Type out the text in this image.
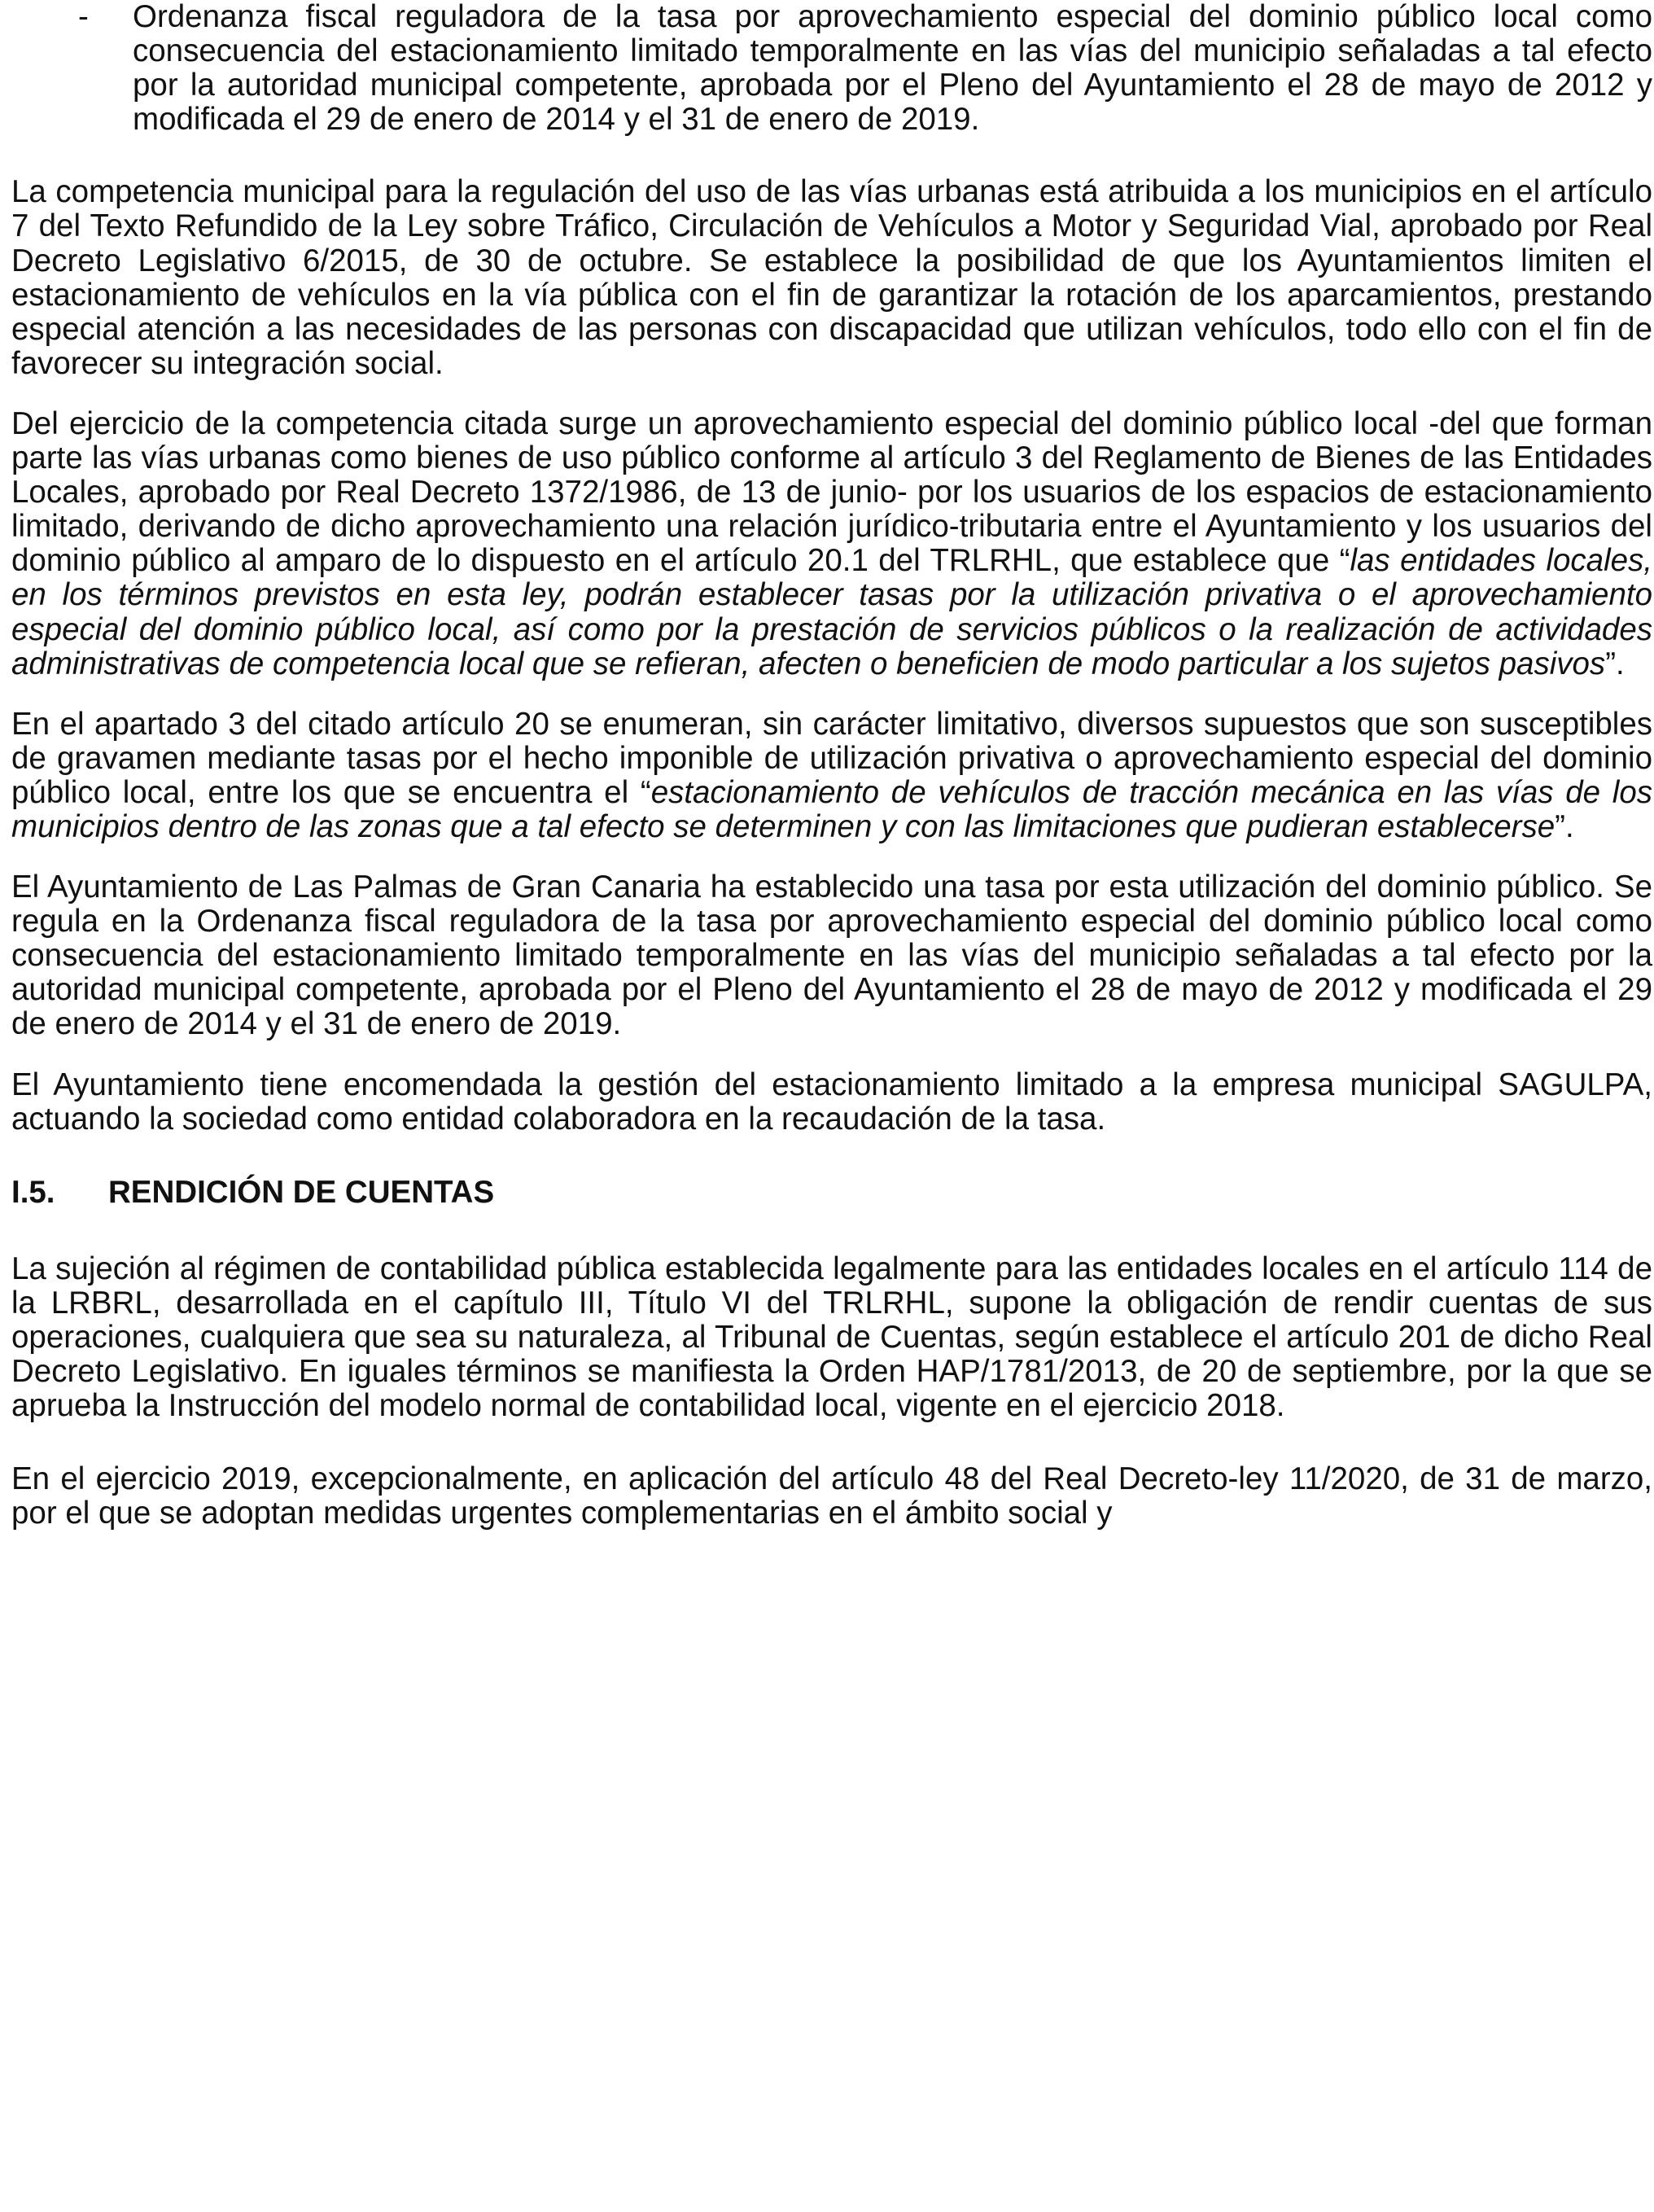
- Ordenanza fiscal reguladora de la tasa por aprovechamiento especial del dominio público local como consecuencia del estacionamiento limitado temporalmente en las vías del municipio señaladas a tal efecto por la autoridad municipal competente, aprobada por el Pleno del Ayuntamiento el 28 de mayo de 2012 y modificada el 29 de enero de 2014 y el 31 de enero de 2019.

La competencia municipal para la regulación del uso de las vías urbanas está atribuida a los municipios en el artículo 7 del Texto Refundido de la Ley sobre Tráfico, Circulación de Vehículos a Motor y Seguridad Vial, aprobado por Real Decreto Legislativo 6/2015, de 30 de octubre. Se establece la posibilidad de que los Ayuntamientos limiten el estacionamiento de vehículos en la vía pública con el fin de garantizar la rotación de los aparcamientos, prestando especial atención a las necesidades de las personas con discapacidad que utilizan vehículos, todo ello con el fin de favorecer su integración social.

Del ejercicio de la competencia citada surge un aprovechamiento especial del dominio público local -del que forman parte las vías urbanas como bienes de uso público conforme al artículo 3 del Reglamento de Bienes de las Entidades Locales, aprobado por Real Decreto 1372/1986, de 13 de junio- por los usuarios de los espacios de estacionamiento limitado, derivando de dicho aprovechamiento una relación jurídico-tributaria entre el Ayuntamiento y los usuarios del dominio público al amparo de lo dispuesto en el artículo 20.1 del TRLRHL, que establece que “las entidades locales, en los términos previstos en esta ley, podrán establecer tasas por la utilización privativa o el aprovechamiento especial del dominio público local, así como por la prestación de servicios públicos o la realización de actividades administrativas de competencia local que se refieran, afecten o beneficien de modo particular a los sujetos pasivos”.

En el apartado 3 del citado artículo 20 se enumeran, sin carácter limitativo, diversos supuestos que son susceptibles de gravamen mediante tasas por el hecho imponible de utilización privativa o aprovechamiento especial del dominio público local, entre los que se encuentra el “estacionamiento de vehículos de tracción mecánica en las vías de los municipios dentro de las zonas que a tal efecto se determinen y con las limitaciones que pudieran establecerse”.

El Ayuntamiento de Las Palmas de Gran Canaria ha establecido una tasa por esta utilización del dominio público. Se regula en la Ordenanza fiscal reguladora de la tasa por aprovechamiento especial del dominio público local como consecuencia del estacionamiento limitado temporalmente en las vías del municipio señaladas a tal efecto por la autoridad municipal competente, aprobada por el Pleno del Ayuntamiento el 28 de mayo de 2012 y modificada el 29 de enero de 2014 y el 31 de enero de 2019.

El Ayuntamiento tiene encomendada la gestión del estacionamiento limitado a la empresa municipal SAGULPA, actuando la sociedad como entidad colaboradora en la recaudación de la tasa.

I.5. RENDICIÓN DE CUENTAS

La sujeción al régimen de contabilidad pública establecida legalmente para las entidades locales en el artículo 114 de la LRBRL, desarrollada en el capítulo III, Título VI del TRLRHL, supone la obligación de rendir cuentas de sus operaciones, cualquiera que sea su naturaleza, al Tribunal de Cuentas, según establece el artículo 201 de dicho Real Decreto Legislativo. En iguales términos se manifiesta la Orden HAP/1781/2013, de 20 de septiembre, por la que se aprueba la Instrucción del modelo normal de contabilidad local, vigente en el ejercicio 2018.

En el ejercicio 2019, excepcionalmente, en aplicación del artículo 48 del Real Decreto-ley 11/2020, de 31 de marzo, por el que se adoptan medidas urgentes complementarias en el ámbito social y
